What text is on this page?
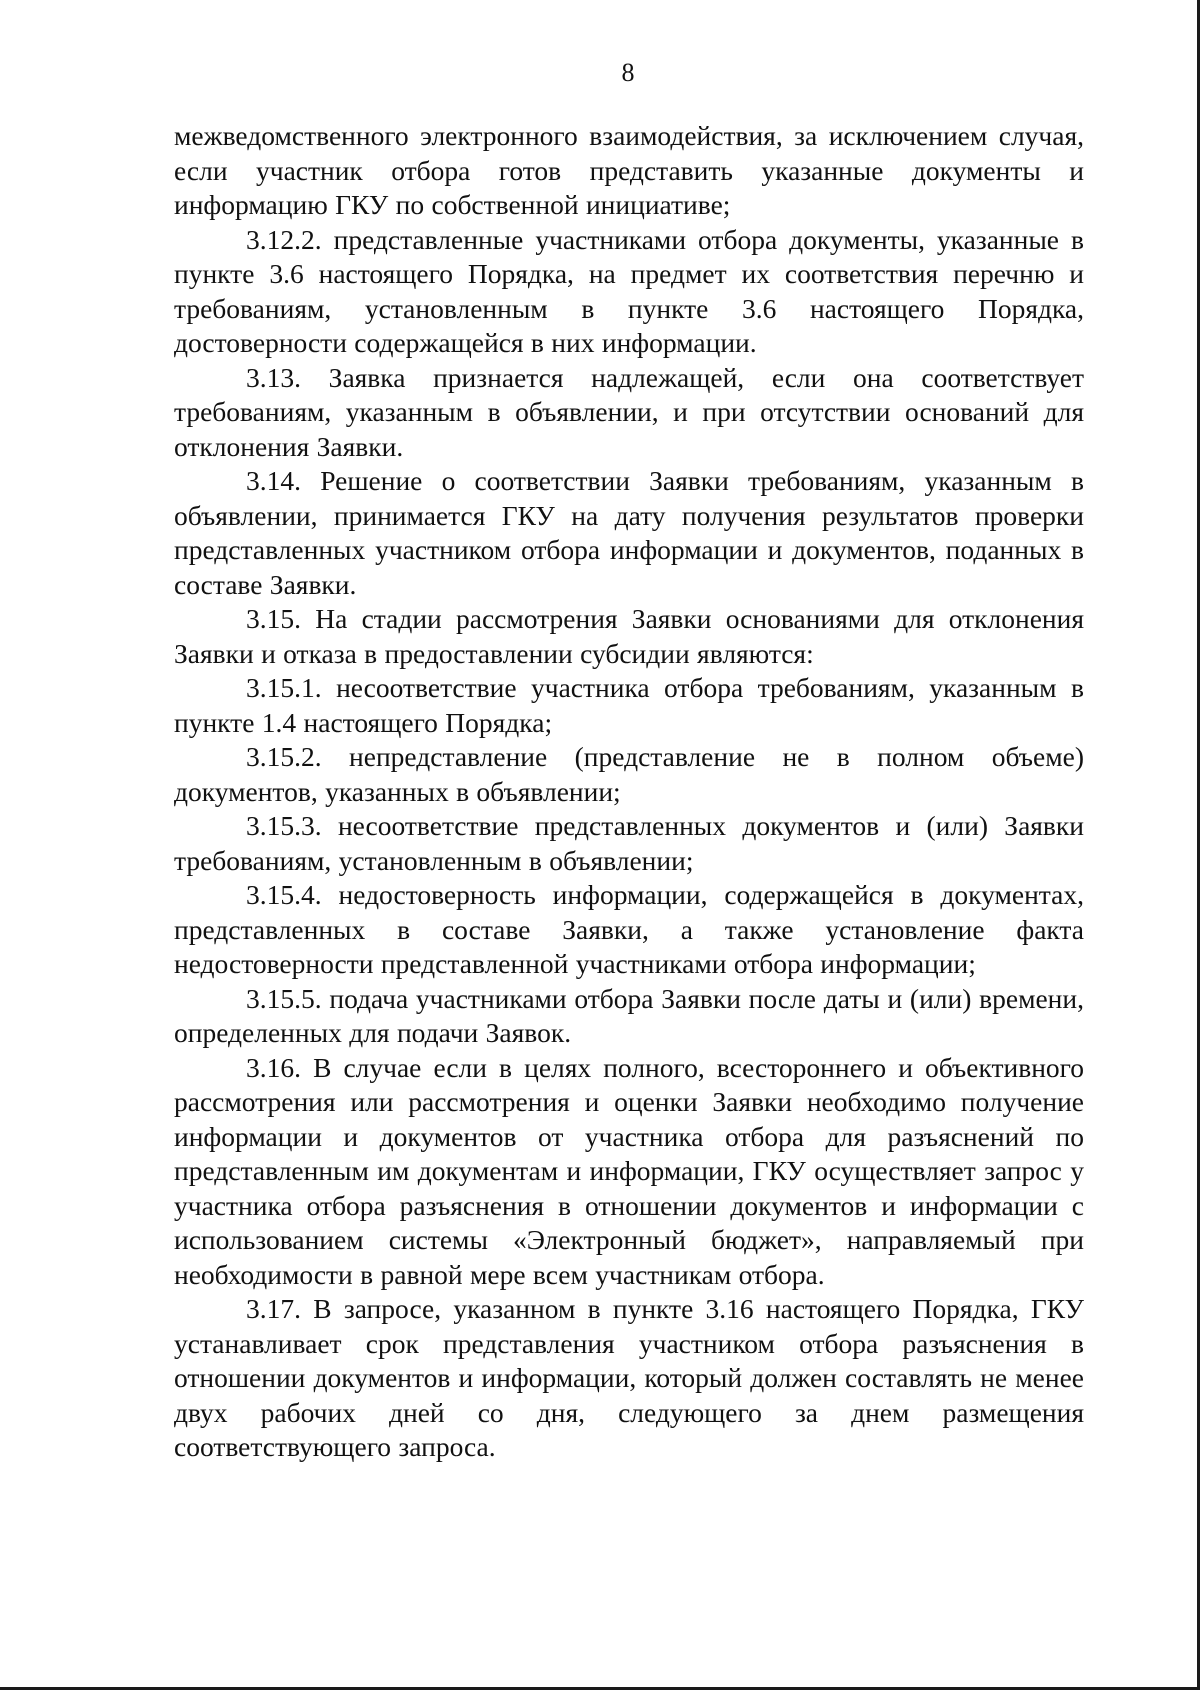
8

межведомственного электронного взаимодействия, за исключением случая, если участник отбора готов представить указанные документы и информацию ГКУ по собственной инициативе;

3.12.2. представленные участниками отбора документы, указанные в пункте 3.6 настоящего Порядка, на предмет их соответствия перечню и требованиям, установленным в пункте 3.6 настоящего Порядка, достоверности содержащейся в них информации.

3.13. Заявка признается надлежащей, если она соответствует требованиям, указанным в объявлении, и при отсутствии оснований для отклонения Заявки.

3.14. Решение о соответствии Заявки требованиям, указанным в объявлении, принимается ГКУ на дату получения результатов проверки представленных участником отбора информации и документов, поданных в составе Заявки.

3.15. На стадии рассмотрения Заявки основаниями для отклонения Заявки и отказа в предоставлении субсидии являются:

3.15.1. несоответствие участника отбора требованиям, указанным в пункте 1.4 настоящего Порядка;

3.15.2. непредставление (представление не в полном объеме) документов, указанных в объявлении;

3.15.3. несоответствие представленных документов и (или) Заявки требованиям, установленным в объявлении;

3.15.4. недостоверность информации, содержащейся в документах, представленных в составе Заявки, а также установление факта недостоверности представленной участниками отбора информации;

3.15.5. подача участниками отбора Заявки после даты и (или) времени, определенных для подачи Заявок.

3.16. В случае если в целях полного, всестороннего и объективного рассмотрения или рассмотрения и оценки Заявки необходимо получение информации и документов от участника отбора для разъяснений по представленным им документам и информации, ГКУ осуществляет запрос у участника отбора разъяснения в отношении документов и информации с использованием системы «Электронный бюджет», направляемый при необходимости в равной мере всем участникам отбора.

3.17. В запросе, указанном в пункте 3.16 настоящего Порядка, ГКУ устанавливает срок представления участником отбора разъяснения в отношении документов и информации, который должен составлять не менее двух рабочих дней со дня, следующего за днем размещения соответствующего запроса.
